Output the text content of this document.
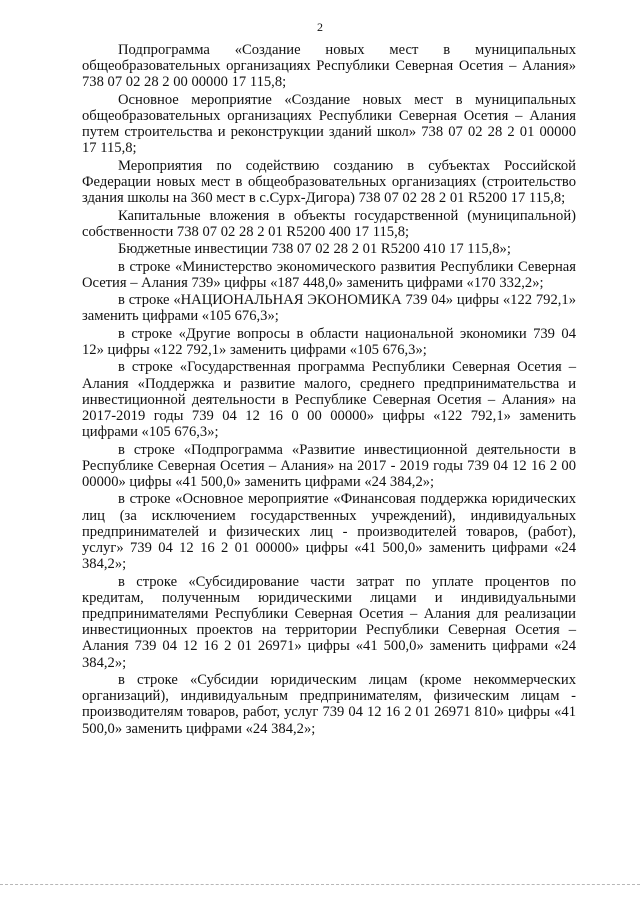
2

Подпрограмма «Создание новых мест в муниципальных общеобразовательных организациях Республики Северная Осетия – Алания» 738 07 02 28 2 00 00000 17 115,8;

Основное мероприятие «Создание новых мест в муниципальных общеобразовательных организациях Республики Северная Осетия – Алания путем строительства и реконструкции зданий школ» 738 07 02 28 2 01 00000 17 115,8;

Мероприятия по содействию созданию в субъектах Российской Федерации новых мест в общеобразовательных организациях (строительство здания школы на 360 мест в с.Сурх-Дигора) 738 07 02 28 2 01 R5200 17 115,8;

Капитальные вложения в объекты государственной (муниципальной) собственности 738 07 02 28 2 01 R5200 400 17 115,8;

Бюджетные инвестиции 738 07 02 28 2 01 R5200 410 17 115,8»;

в строке «Министерство экономического развития Республики Северная Осетия – Алания 739» цифры «187 448,0» заменить цифрами «170 332,2»;

в строке «НАЦИОНАЛЬНАЯ ЭКОНОМИКА 739 04» цифры «122 792,1» заменить цифрами «105 676,3»;

в строке «Другие вопросы в области национальной экономики 739 04 12» цифры «122 792,1» заменить цифрами «105 676,3»;

в строке «Государственная программа Республики Северная Осетия – Алания «Поддержка и развитие малого, среднего предпринимательства и инвестиционной деятельности в Республике Северная Осетия – Алания» на 2017-2019 годы 739 04 12 16 0 00 00000» цифры «122 792,1» заменить цифрами «105 676,3»;

в строке «Подпрограмма «Развитие инвестиционной деятельности в Республике Северная Осетия – Алания» на 2017 - 2019 годы 739 04 12 16 2 00 00000» цифры «41 500,0» заменить цифрами «24 384,2»;

в строке «Основное мероприятие «Финансовая поддержка юридических лиц (за исключением государственных учреждений), индивидуальных предпринимателей и физических лиц - производителей товаров, (работ), услуг» 739 04 12 16 2 01 00000» цифры «41 500,0» заменить цифрами «24 384,2»;

в строке «Субсидирование части затрат по уплате процентов по кредитам, полученным юридическими лицами и индивидуальными предпринимателями Республики Северная Осетия – Алания для реализации инвестиционных проектов на территории Республики Северная Осетия – Алания 739 04 12 16 2 01 26971» цифры «41 500,0» заменить цифрами «24 384,2»;

в строке «Субсидии юридическим лицам (кроме некоммерческих организаций), индивидуальным предпринимателям, физическим лицам - производителям товаров, работ, услуг 739 04 12 16 2 01 26971 810» цифры «41 500,0» заменить цифрами «24 384,2»;
